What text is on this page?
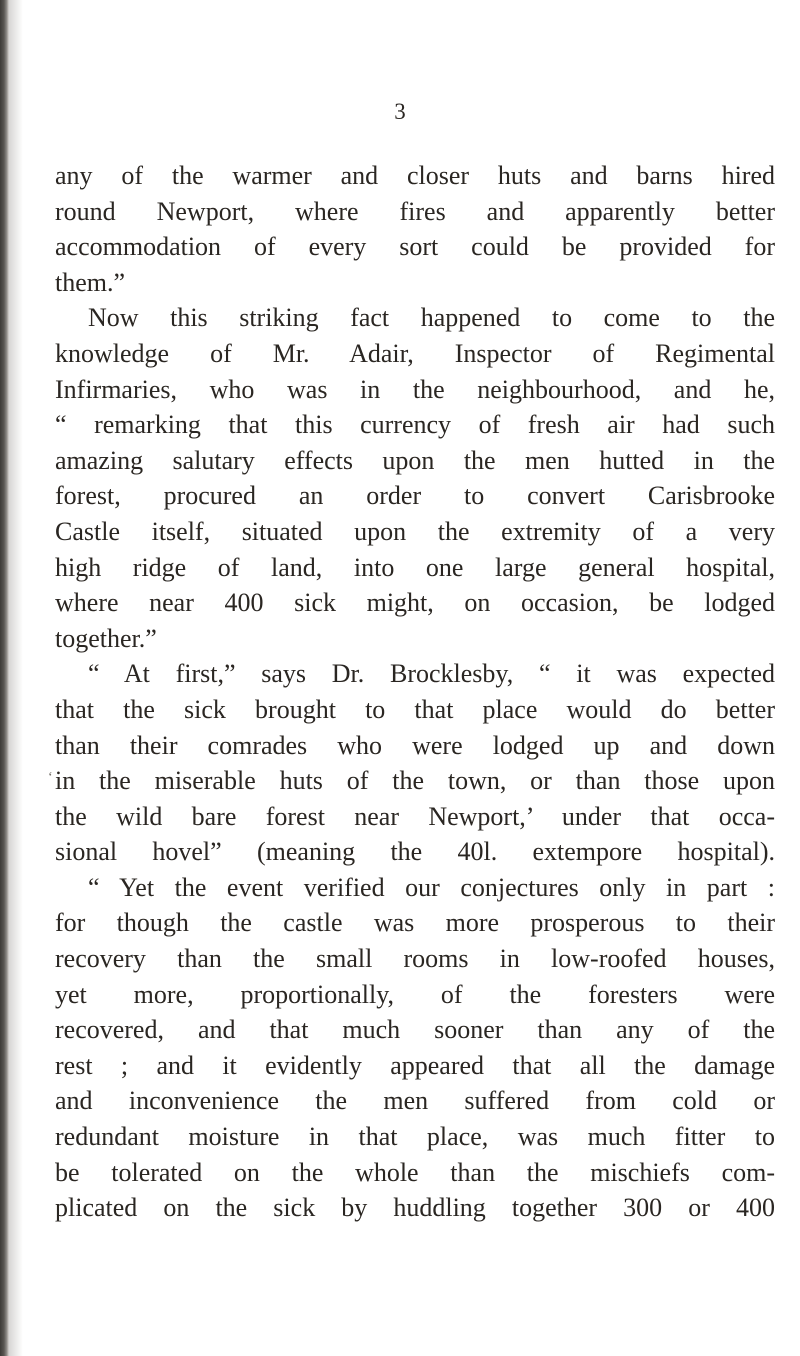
3
‘
any of the warmer and closer huts and barns hired
round Newport, where fires and apparently better
accommodation of every sort could be provided for
them.”
Now this striking fact happened to come to the
knowledge of Mr. Adair, Inspector of Regimental
Infirmaries, who was in the neighbourhood, and he,
“ remarking that this currency of fresh air had such
amazing salutary effects upon the men hutted in the
forest, procured an order to convert Carisbrooke
Castle itself, situated upon the extremity of a very
high ridge of land, into one large general hospital,
where near 400 sick might, on occasion, be lodged
together.”
“ At first,” says Dr. Brocklesby, “ it was expected
that the sick brought to that place would do better
than their comrades who were lodged up and down
in the miserable huts of the town, or than those upon
the wild bare forest near Newport,’ under that occa-
sional hovel” (meaning the 40l. extempore hospital).
“ Yet the event verified our conjectures only in part :
for though the castle was more prosperous to their
recovery than the small rooms in low-roofed houses,
yet more, proportionally, of the foresters were
recovered, and that much sooner than any of the
rest ; and it evidently appeared that all the damage
and inconvenience the men suffered from cold or
redundant moisture in that place, was much fitter to
be tolerated on the whole than the mischiefs com-
plicated on the sick by huddling together 300 or 400
